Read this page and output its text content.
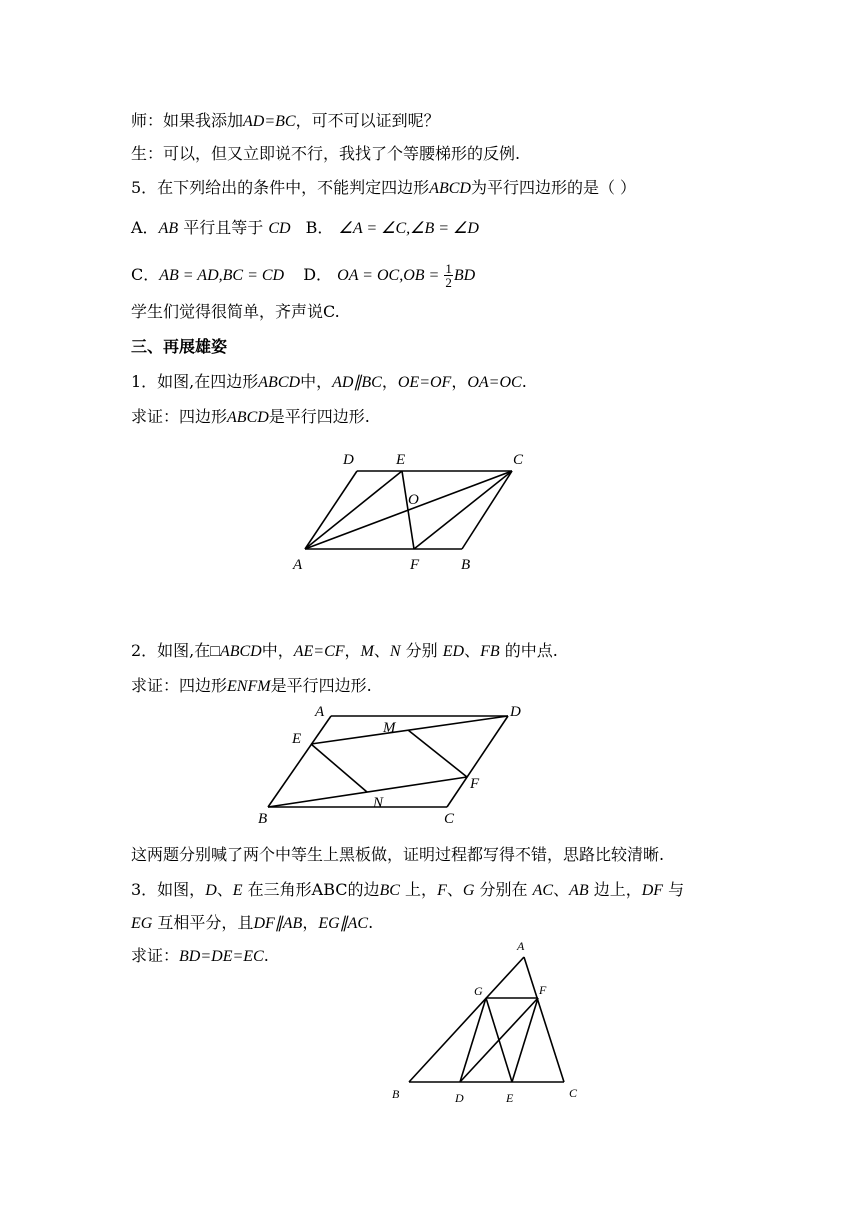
师：如果我添加AD=BC，可不可以证到呢？
生：可以，但又立即说不行，我找了个等腰梯形的反例.
5．在下列给出的条件中，不能判定四边形ABCD为平行四边形的是（ ）
A．AB 平行且等于 CD B． ∠A = ∠C,∠B = ∠D
C．AB = AD,BC = CD D． OA = $OC,OB = \frac{1}{2}$ BD
学生们觉得很简单，齐声说C.
三、再展雄姿
1．如图,在四边形ABCD中，AD∥BC，OE=OF，OA=OC.
求证：四边形ABCD是平行四边形.
D	E	C
O
A	F	B
2．如图,在□ABCD中，AE=CF，M、N 分别 ED、FB 的中点.
求证：四边形ENFM是平行四边形.
A	D
M
E
F
N
B	C
这两题分别喊了两个中等生上黑板做，证明过程都写得不错，思路比较清晰.
3．如图，D、E 在三角形ABC的边BC 上，F、G 分别在 AC、AB 边上，DF 与
EG 互相平分，且DF∥AB，EG∥AC.
求证：BD=DE=EC.	A
G	F
B	D	E	C
